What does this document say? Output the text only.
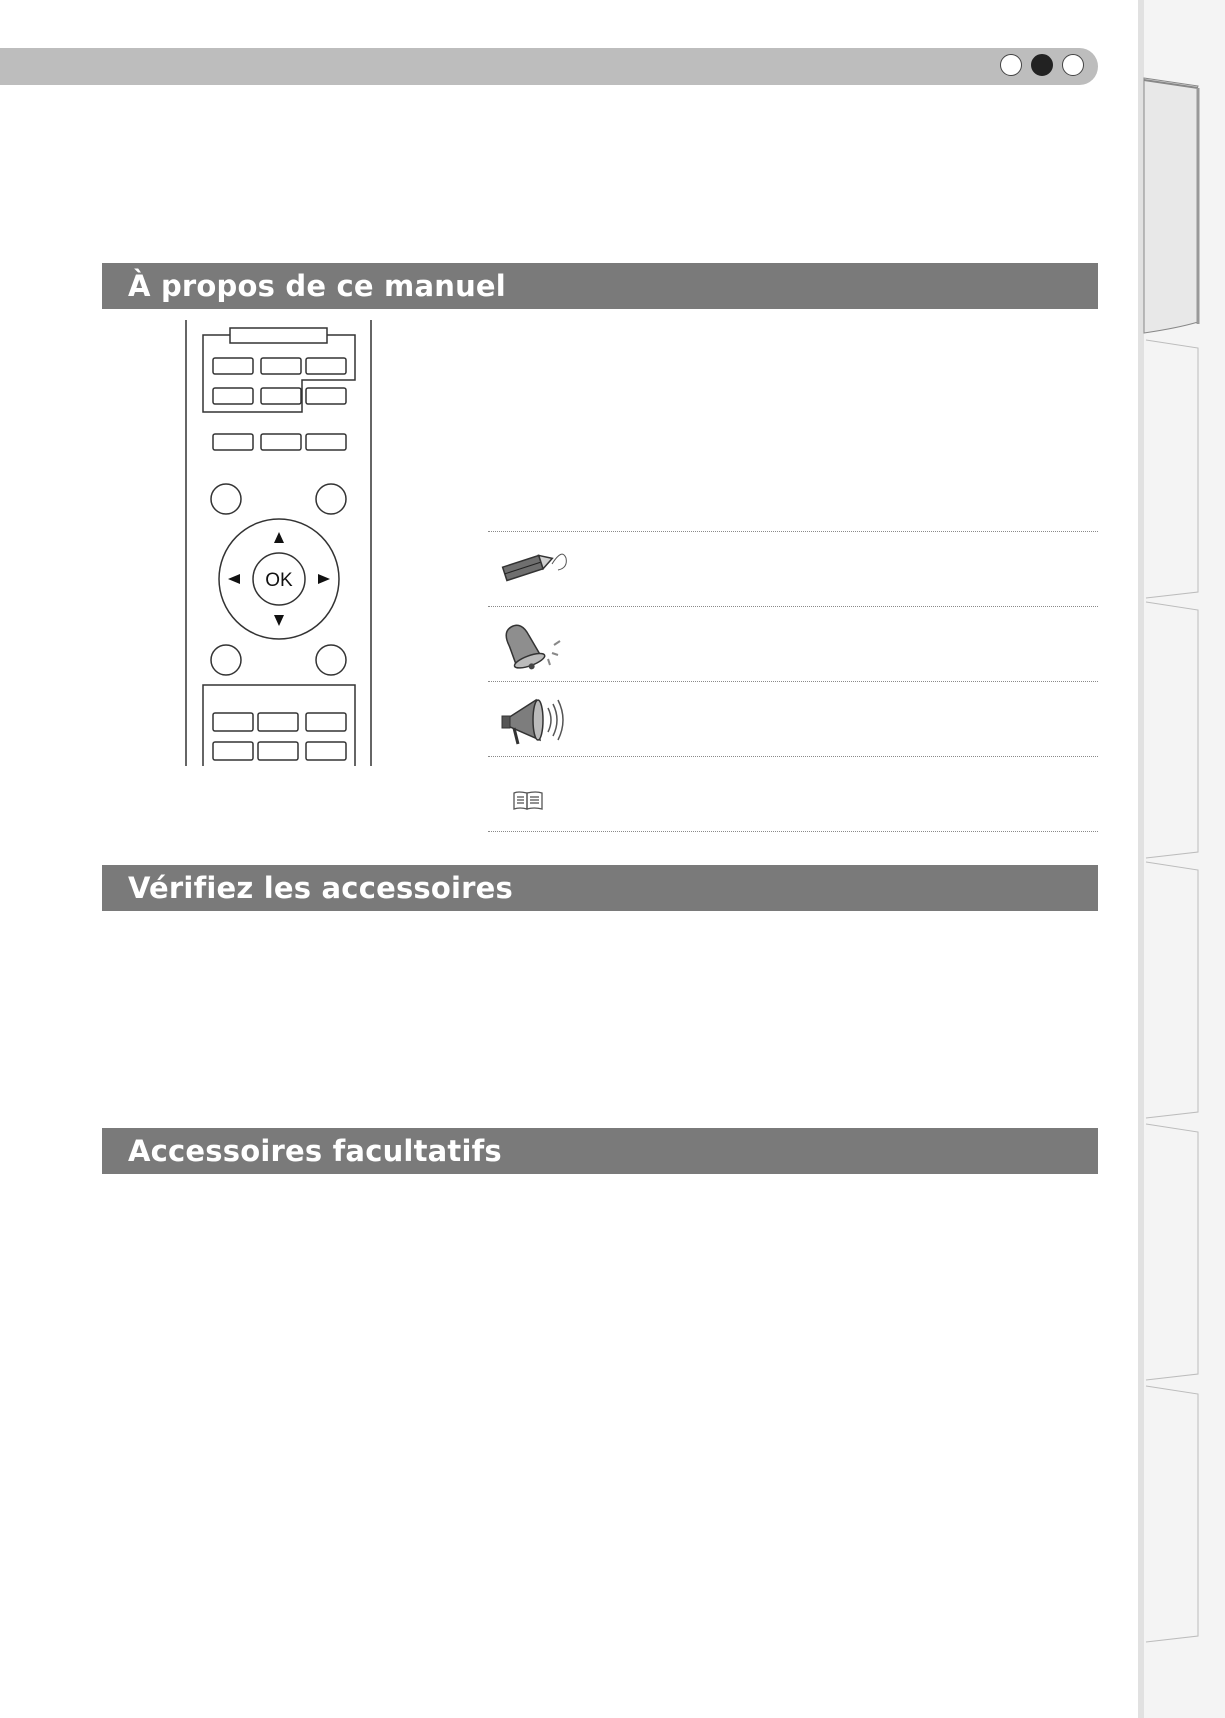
À propos de ce manuel
OK
Vérifiez les accessoires
Accessoires facultatifs
